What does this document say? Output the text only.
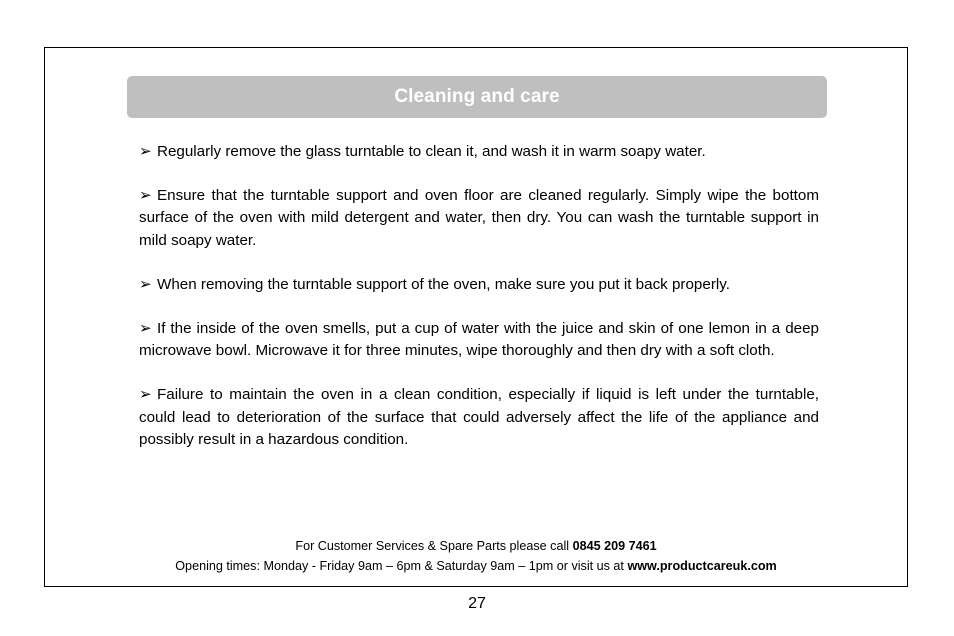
Cleaning and care

➢ Regularly remove the glass turntable to clean it, and wash it in warm soapy water.

➢ Ensure that the turntable support and oven floor are cleaned regularly. Simply wipe the bottom surface of the oven with mild detergent and water, then dry. You can wash the turntable support in mild soapy water.

➢ When removing the turntable support of the oven, make sure you put it back properly.

➢ If the inside of the oven smells, put a cup of water with the juice and skin of one lemon in a deep microwave bowl. Microwave it for three minutes, wipe thoroughly and then dry with a soft cloth.

➢ Failure to maintain the oven in a clean condition, especially if liquid is left under the turntable, could lead to deterioration of the surface that could adversely affect the life of the appliance and possibly result in a hazardous condition.

For Customer Services & Spare Parts please call 0845 209 7461
Opening times: Monday - Friday 9am – 6pm & Saturday 9am – 1pm or visit us at www.productcareuk.com
27
